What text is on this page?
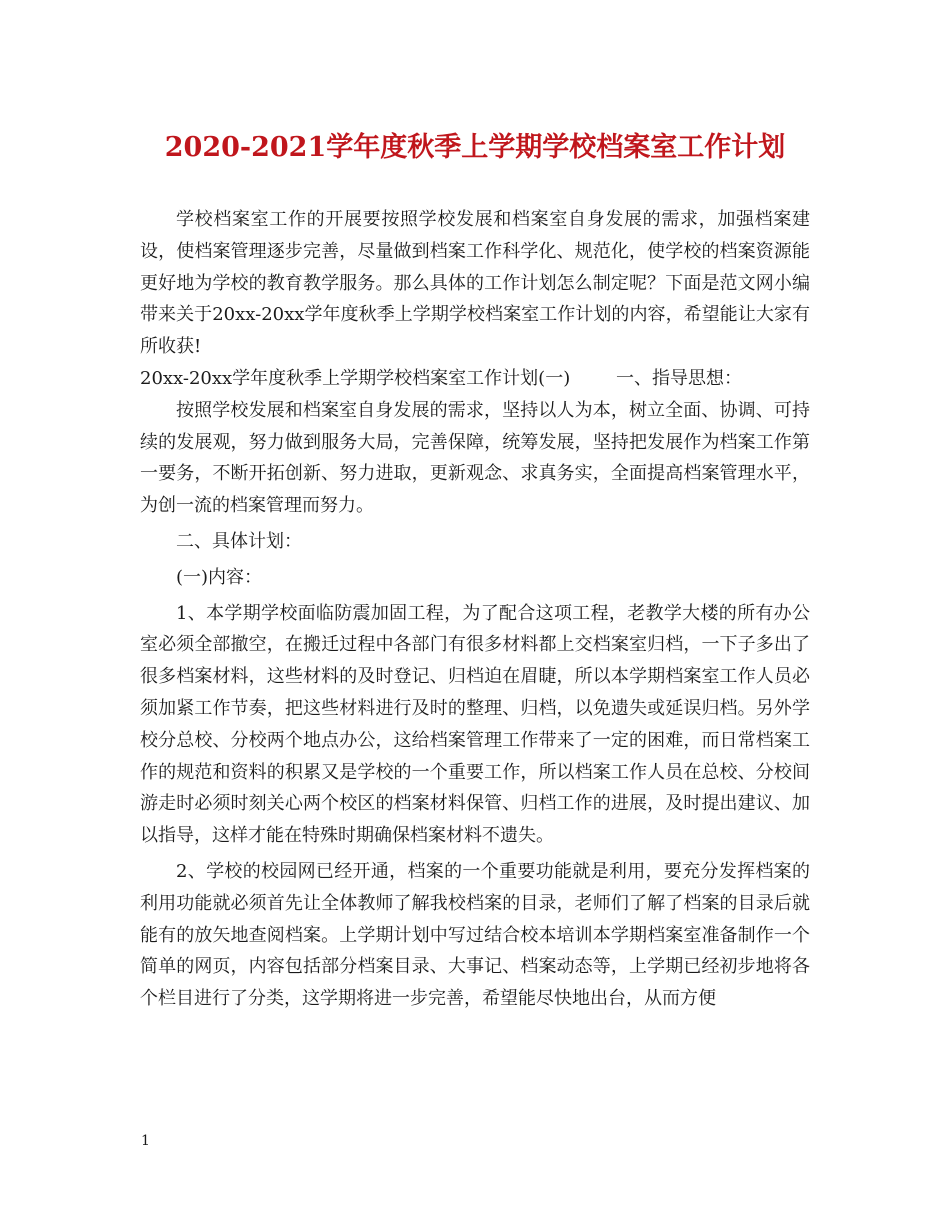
2020-2021学年度秋季上学期学校档案室工作计划

学校档案室工作的开展要按照学校发展和档案室自身发展的需求，加强档案建设，使档案管理逐步完善，尽量做到档案工作科学化、规范化，使学校的档案资源能更好地为学校的教育教学服务。那么具体的工作计划怎么制定呢？下面是范文网小编带来关于20xx-20xx学年度秋季上学期学校档案室工作计划的内容，希望能让大家有所收获!

20xx-20xx学年度秋季上学期学校档案室工作计划(一)        一、指导思想：

按照学校发展和档案室自身发展的需求，坚持以人为本，树立全面、协调、可持续的发展观，努力做到服务大局，完善保障，统筹发展，坚持把发展作为档案工作第一要务，不断开拓创新、努力进取，更新观念、求真务实，全面提高档案管理水平，为创一流的档案管理而努力。

二、具体计划：

(一)内容：

1、本学期学校面临防震加固工程，为了配合这项工程，老教学大楼的所有办公室必须全部撤空，在搬迁过程中各部门有很多材料都上交档案室归档，一下子多出了很多档案材料，这些材料的及时登记、归档迫在眉睫，所以本学期档案室工作人员必须加紧工作节奏，把这些材料进行及时的整理、归档，以免遗失或延误归档。另外学校分总校、分校两个地点办公，这给档案管理工作带来了一定的困难，而日常档案工作的规范和资料的积累又是学校的一个重要工作，所以档案工作人员在总校、分校间游走时必须时刻关心两个校区的档案材料保管、归档工作的进展，及时提出建议、加以指导，这样才能在特殊时期确保档案材料不遗失。

2、学校的校园网已经开通，档案的一个重要功能就是利用，要充分发挥档案的利用功能就必须首先让全体教师了解我校档案的目录，老师们了解了档案的目录后就能有的放矢地查阅档案。上学期计划中写过结合校本培训本学期档案室准备制作一个简单的网页，内容包括部分档案目录、大事记、档案动态等，上学期已经初步地将各个栏目进行了分类，这学期将进一步完善，希望能尽快地出台，从而方便

1
